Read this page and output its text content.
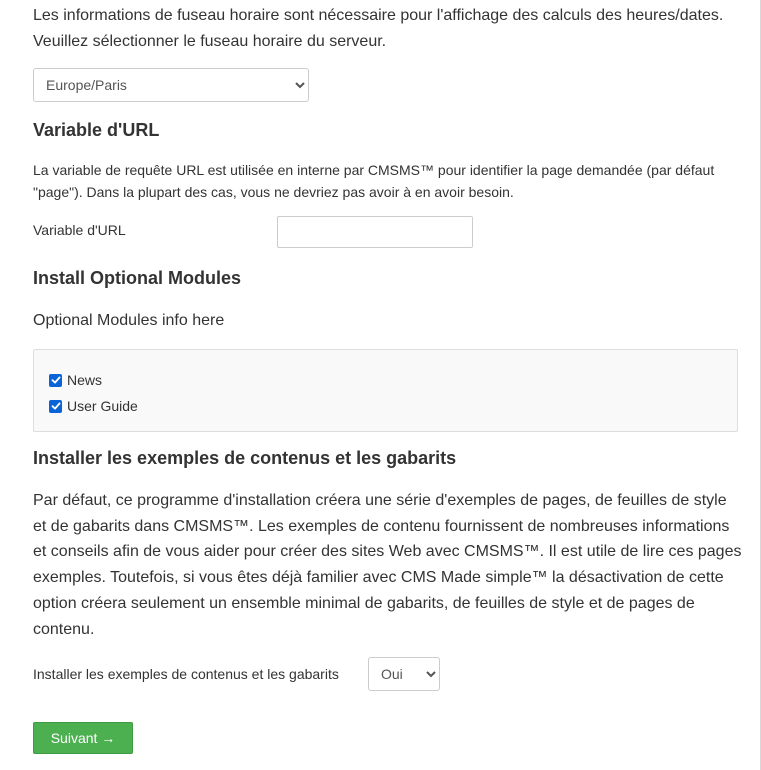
Les informations de fuseau horaire sont nécessaire pour l'affichage des calculs des heures/dates. Veuillez sélectionner le fuseau horaire du serveur.

Europe/Paris
Variable d'URL

La variable de requête URL est utilisée en interne par CMSMS™ pour identifier la page demandée (par défaut "page"). Dans la plupart des cas, vous ne devriez pas avoir à en avoir besoin.

Variable d'URL
Install Optional Modules

Optional Modules info here

News
User Guide
Installer les exemples de contenus et les gabarits

Par défaut, ce programme d'installation créera une série d'exemples de pages, de feuilles de style et de gabarits dans CMSMS™. Les exemples de contenu fournissent de nombreuses informations et conseils afin de vous aider pour créer des sites Web avec CMSMS™. Il est utile de lire ces pages exemples. Toutefois, si vous êtes déjà familier avec CMS Made simple™ la désactivation de cette option créera seulement un ensemble minimal de gabarits, de feuilles de style et de pages de contenu.

Installer les exemples de contenus et les gabarits
Oui
Suivant →
